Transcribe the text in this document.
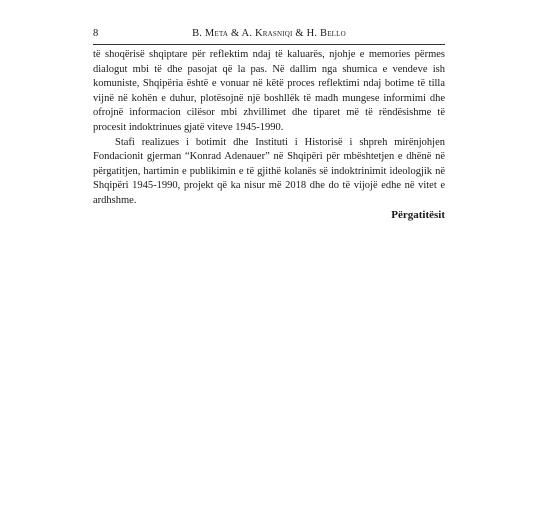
8	B. Meta & A. Krasniqi & H. Bello

të shoqërisë shqiptare për reflektim ndaj të kaluarës, njohje e memories përmes dialogut mbi të dhe pasojat që la pas. Në dallim nga shumica e vendeve ish komuniste, Shqipëria është e vonuar në këtë proces reflektimi ndaj botime të tilla vijnë në kohën e duhur, plotësojnë një boshllëk të madh mungese informimi dhe ofrojnë informacion cilësor mbi zhvillimet dhe tiparet më të rëndësishme të procesit indoktrinues gjatë viteve 1945-1990.

Stafi realizues i botimit dhe Instituti i Historisë i shpreh mirënjohjen Fondacionit gjerman “Konrad Adenauer” në Shqipëri për mbështetjen e dhënë në përgatitjen, hartimin e publikimin e të gjithë kolanës së indoktrinimit ideologjik në Shqipëri 1945-1990, projekt që ka nisur më 2018 dhe do të vijojë edhe në vitet e ardhshme.

Përgatitësit
